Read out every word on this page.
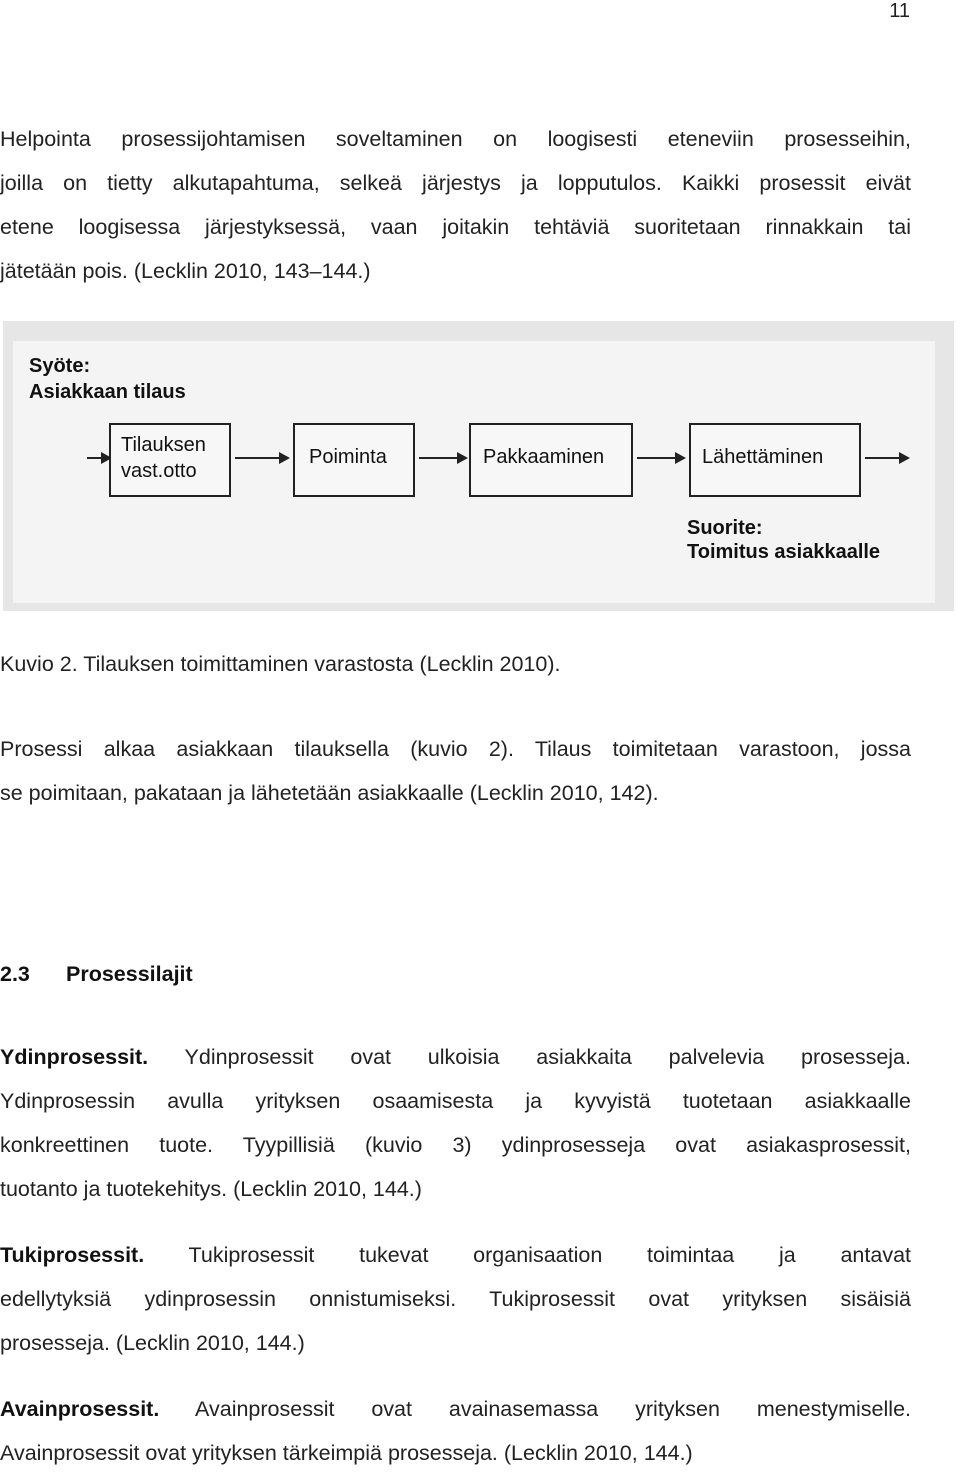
11
Helpointa prosessijohtamisen soveltaminen on loogisesti eteneviin prosesseihin,
joilla on tietty alkutapahtuma, selkeä järjestys ja lopputulos. Kaikki prosessit eivät
etene loogisessa järjestyksessä, vaan joitakin tehtäviä suoritetaan rinnakkain tai
jätetään pois. (Lecklin 2010, 143–144.)
Syöte:
Asiakkaan tilaus
Tilauksen
vast.otto
Poiminta	Pakkaaminen	Lähettäminen
Suorite:
Toimitus asiakkaalle
Kuvio 2. Tilauksen toimittaminen varastosta (Lecklin 2010).
Prosessi alkaa asiakkaan tilauksella (kuvio 2). Tilaus toimitetaan varastoon, jossa
se poimitaan, pakataan ja lähetetään asiakkaalle (Lecklin 2010, 142).
2.3 Prosessilajit
Ydinprosessit. Ydinprosessit ovat ulkoisia asiakkaita palvelevia prosesseja.
Ydinprosessin avulla yrityksen osaamisesta ja kyvyistä tuotetaan asiakkaalle
konkreettinen tuote. Tyypillisiä (kuvio 3) ydinprosesseja ovat asiakasprosessit,
tuotanto ja tuotekehitys. (Lecklin 2010, 144.)
Tukiprosessit. Tukiprosessit tukevat organisaation toimintaa ja antavat
edellytyksiä ydinprosessin onnistumiseksi. Tukiprosessit ovat yrityksen sisäisiä
prosesseja. (Lecklin 2010, 144.)
Avainprosessit. Avainprosessit ovat avainasemassa yrityksen menestymiselle.
Avainprosessit ovat yrityksen tärkeimpiä prosesseja. (Lecklin 2010, 144.)
